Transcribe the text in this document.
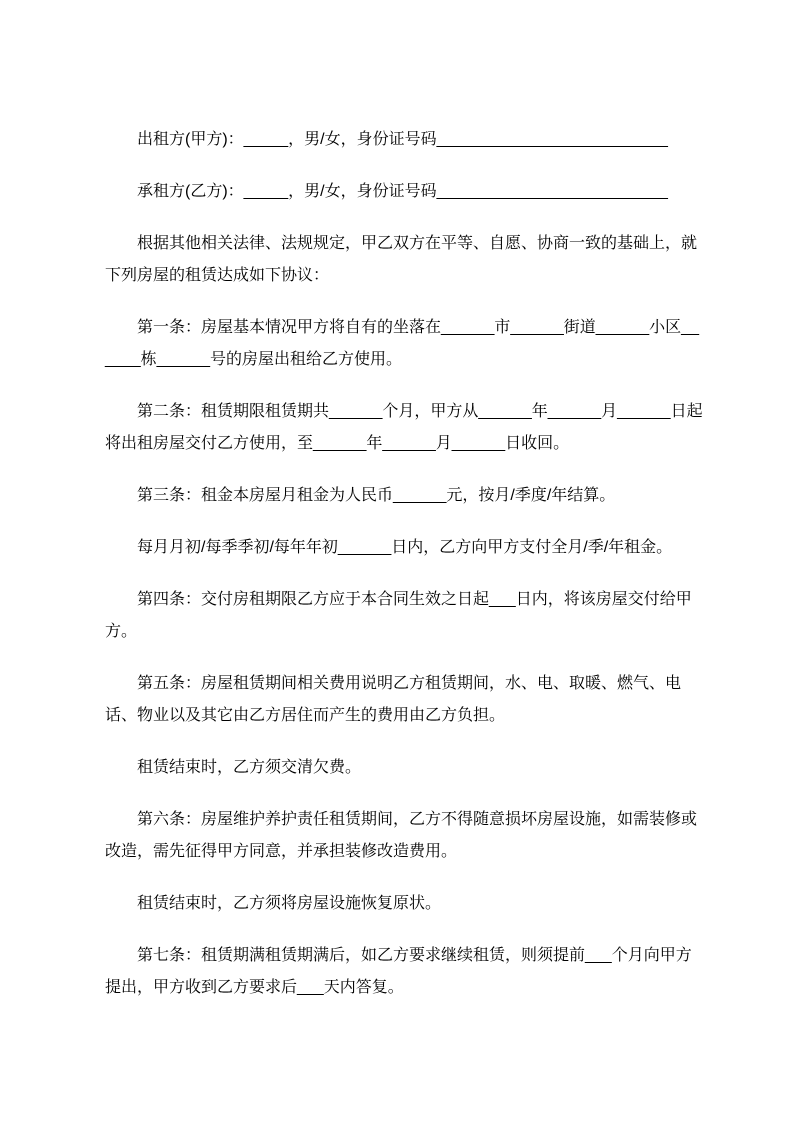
出租方(甲方)：_____，男/女，身份证号码__________________________

承租方(乙方)：_____，男/女，身份证号码__________________________

根据其他相关法律、法规规定，甲乙双方在平等、自愿、协商一致的基础上，就下列房屋的租赁达成如下协议：

第一条：房屋基本情况甲方将自有的坐落在______市______街道______小区______栋______号的房屋出租给乙方使用。

第二条：租赁期限租赁期共______个月，甲方从______年______月______日起将出租房屋交付乙方使用，至______年______月______日收回。

第三条：租金本房屋月租金为人民币______元，按月/季度/年结算。

每月月初/每季季初/每年年初______日内，乙方向甲方支付全月/季/年租金。

第四条：交付房租期限乙方应于本合同生效之日起___日内，将该房屋交付给甲方。

第五条：房屋租赁期间相关费用说明乙方租赁期间，水、电、取暖、燃气、电话、物业以及其它由乙方居住而产生的费用由乙方负担。

租赁结束时，乙方须交清欠费。

第六条：房屋维护养护责任租赁期间，乙方不得随意损坏房屋设施，如需装修或改造，需先征得甲方同意，并承担装修改造费用。

租赁结束时，乙方须将房屋设施恢复原状。

第七条：租赁期满租赁期满后，如乙方要求继续租赁，则须提前___个月向甲方提出，甲方收到乙方要求后___天内答复。
